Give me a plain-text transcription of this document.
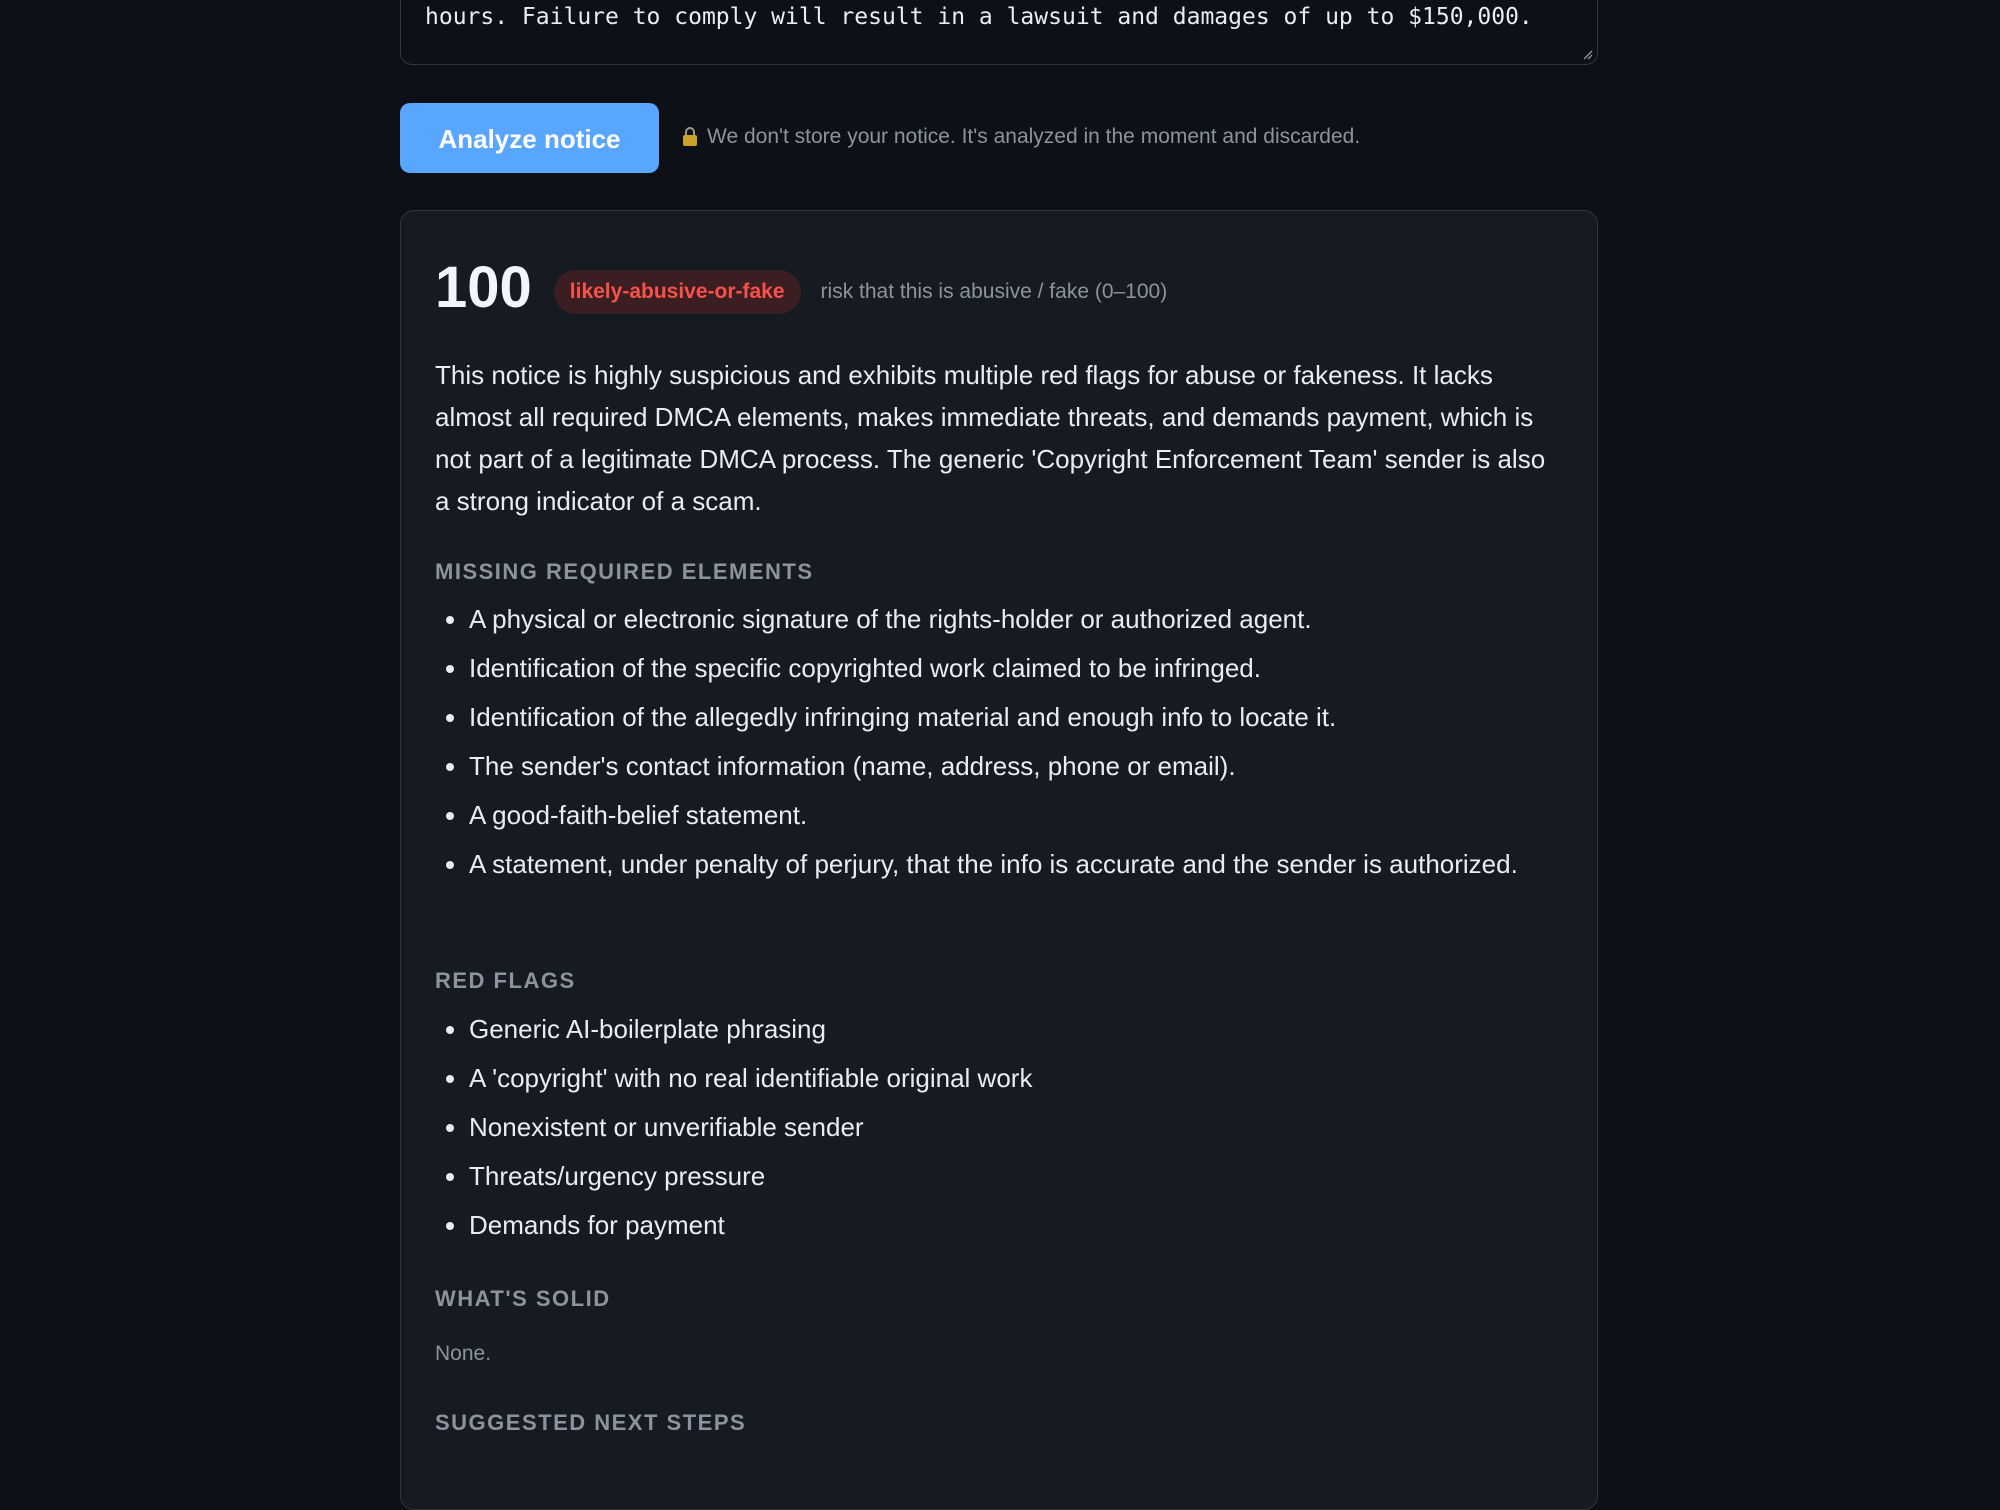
hours. Failure to comply will result in a lawsuit and damages of up to $150,000.
Analyze notice	We don't store your notice. It's analyzed in the moment and discarded.
100	likely-abusive-or-fake	risk that this is abusive / fake (0–100)
This notice is highly suspicious and exhibits multiple red flags for abuse or fakeness. It lacks almost all required DMCA elements, makes immediate threats, and demands payment, which is not part of a legitimate DMCA process. The generic 'Copyright Enforcement Team' sender is also a strong indicator of a scam.
MISSING REQUIRED ELEMENTS
• A physical or electronic signature of the rights-holder or authorized agent.
• Identification of the specific copyrighted work claimed to be infringed.
• Identification of the allegedly infringing material and enough info to locate it.
• The sender's contact information (name, address, phone or email).
• A good-faith-belief statement.
• A statement, under penalty of perjury, that the info is accurate and the sender is authorized.
RED FLAGS
• Generic AI-boilerplate phrasing
• A 'copyright' with no real identifiable original work
• Nonexistent or unverifiable sender
• Threats/urgency pressure
• Demands for payment
WHAT'S SOLID
None.
SUGGESTED NEXT STEPS
